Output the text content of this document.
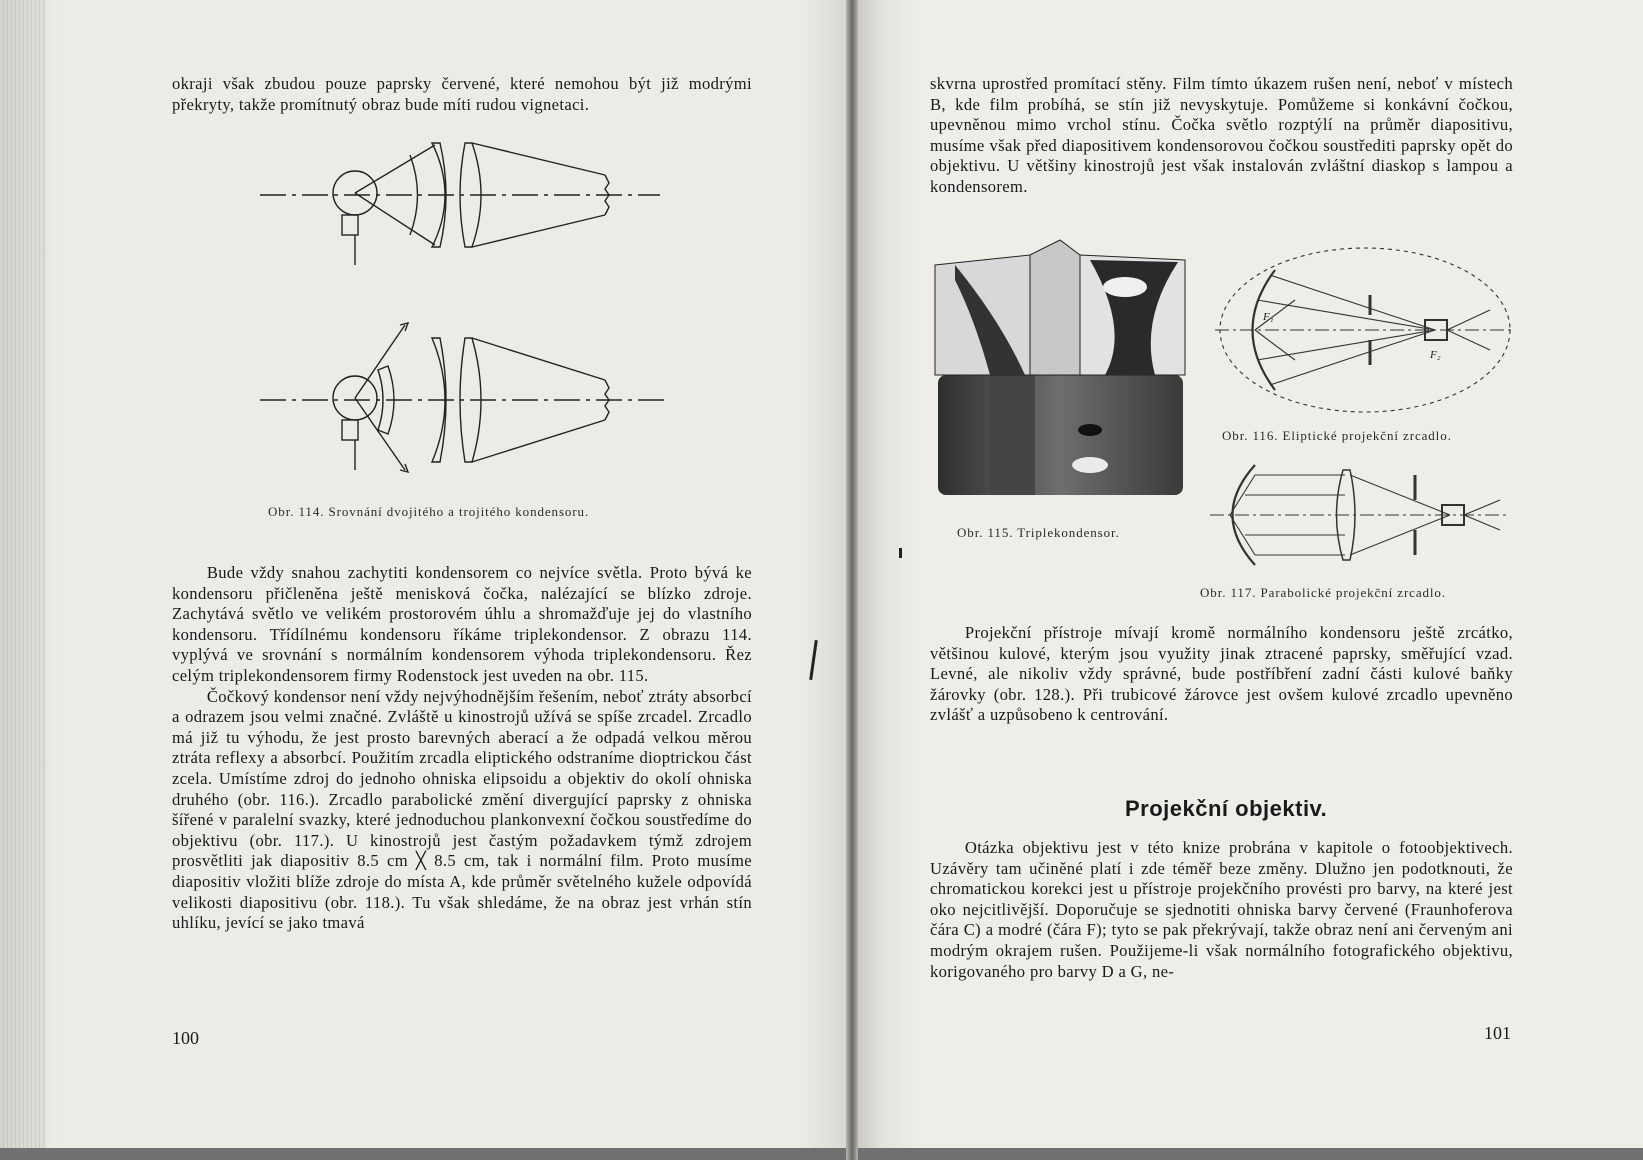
okraji však zbudou pouze paprsky červené, které nemohou být již modrými překryty, takže promítnutý obraz bude míti rudou vignetaci.

Obr. 114. Srovnání dvojitého a trojitého kondensoru.

Bude vždy snahou zachytiti kondensorem co nejvíce světla. Proto bývá ke kondensoru přičleněna ještě menisková čočka, nalézající se blízko zdroje. Zachytává světlo ve velikém prostorovém úhlu a shromažďuje jej do vlastního kondensoru. Třídílnému kondensoru říkáme triplekondensor. Z obrazu 114. vyplývá ve srovnání s normálním kondensorem výhoda triplekondensoru. Řez celým triplekondensorem firmy Rodenstock jest uveden na obr. 115.

Čočkový kondensor není vždy nejvýhodnějším řešením, neboť ztráty absorbcí a odrazem jsou velmi značné. Zvláště u kinostrojů užívá se spíše zrcadel. Zrcadlo má již tu výhodu, že jest prosto barevných aberací a že odpadá velkou měrou ztráta reflexy a absorbcí. Použitím zrcadla eliptického odstraníme dioptrickou část zcela. Umístíme zdroj do jednoho ohniska elipsoidu a objektiv do okolí ohniska druhého (obr. 116.). Zrcadlo parabolické změní divergující paprsky z ohniska šířené v paralelní svazky, které jednoduchou plankonvexní čočkou soustředíme do objektivu (obr. 117.). U kinostrojů jest častým požadavkem týmž zdrojem prosvětliti jak diapositiv 8.5 cm ╳ 8.5 cm, tak i normální film. Proto musíme diapositiv vložiti blíže zdroje do místa A, kde průměr světelného kužele odpovídá velikosti diapositivu (obr. 118.). Tu však shledáme, že na obraz jest vrhán stín uhlíku, jevící se jako tmavá

100

skvrna uprostřed promítací stěny. Film tímto úkazem rušen není, neboť v místech B, kde film probíhá, se stín již nevyskytuje. Pomůžeme si konkávní čočkou, upevněnou mimo vrchol stínu. Čočka světlo rozptýlí na průměr diapositivu, musíme však před diapositivem kondensorovou čočkou soustřediti paprsky opět do objektivu. U většiny kinostrojů jest však instalován zvláštní diaskop s lampou a kondensorem.

Obr. 115. Triplekondensor.
F₁
F₂
Obr. 116. Eliptické projekční zrcadlo.
Obr. 117. Parabolické projekční zrcadlo.

Projekční přístroje mívají kromě normálního kondensoru ještě zrcátko, většinou kulové, kterým jsou využity jinak ztracené paprsky, směřující vzad. Levné, ale nikoliv vždy správné, bude postříbření zadní části kulové baňky žárovky (obr. 128.). Při trubicové žárovce jest ovšem kulové zrcadlo upevněno zvlášť a uzpůsobeno k centrování.

Projekční objektiv.

Otázka objektivu jest v této knize probrána v kapitole o fotoobjektivech. Uzávěry tam učiněné platí i zde téměř beze změny. Dlužno jen podotknouti, že chromatickou korekci jest u přístroje projekčního provésti pro barvy, na které jest oko nejcitlivější. Doporučuje se sjednotiti ohniska barvy červené (Fraunhoferova čára C) a modré (čára F); tyto se pak překrývají, takže obraz není ani červeným ani modrým okrajem rušen. Použijeme-li však normálního fotografického objektivu, korigovaného pro barvy D a G, ne-

101
